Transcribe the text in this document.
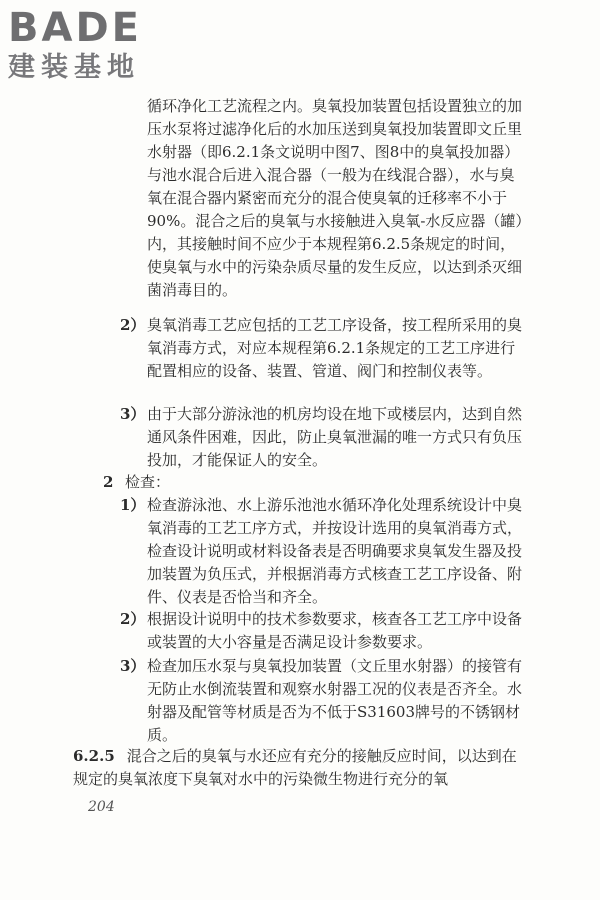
BADE
建装基地

循环净化工艺流程之内。臭氧投加装置包括设置独立的加压水泵将过滤净化后的水加压送到臭氧投加装置即文丘里水射器（即6.2.1条文说明中图7、图8中的臭氧投加器）与池水混合后进入混合器（一般为在线混合器），水与臭氧在混合器内紧密而充分的混合使臭氧的迁移率不小于90%。混合之后的臭氧与水接触进入臭氧-水反应器（罐）内，其接触时间不应少于本规程第6.2.5条规定的时间，使臭氧与水中的污染杂质尽量的发生反应，以达到杀灭细菌消毒目的。

2） 臭氧消毒工艺应包括的工艺工序设备，按工程所采用的臭氧消毒方式，对应本规程第6.2.1条规定的工艺工序进行配置相应的设备、装置、管道、阀门和控制仪表等。

3） 由于大部分游泳池的机房均设在地下或楼层内，达到自然通风条件困难，因此，防止臭氧泄漏的唯一方式只有负压投加，才能保证人的安全。

2 检查：

1） 检查游泳池、水上游乐池池水循环净化处理系统设计中臭氧消毒的工艺工序方式，并按设计选用的臭氧消毒方式，检查设计说明或材料设备表是否明确要求臭氧发生器及投加装置为负压式，并根据消毒方式核查工艺工序设备、附件、仪表是否恰当和齐全。

2） 根据设计说明中的技术参数要求，核查各工艺工序中设备或装置的大小容量是否满足设计参数要求。

3） 检查加压水泵与臭氧投加装置（文丘里水射器）的接管有无防止水倒流装置和观察水射器工况的仪表是否齐全。水射器及配管等材质是否为不低于S31603牌号的不锈钢材质。

6.2.5 混合之后的臭氧与水还应有充分的接触反应时间，以达到在规定的臭氧浓度下臭氧对水中的污染微生物进行充分的氧

204
